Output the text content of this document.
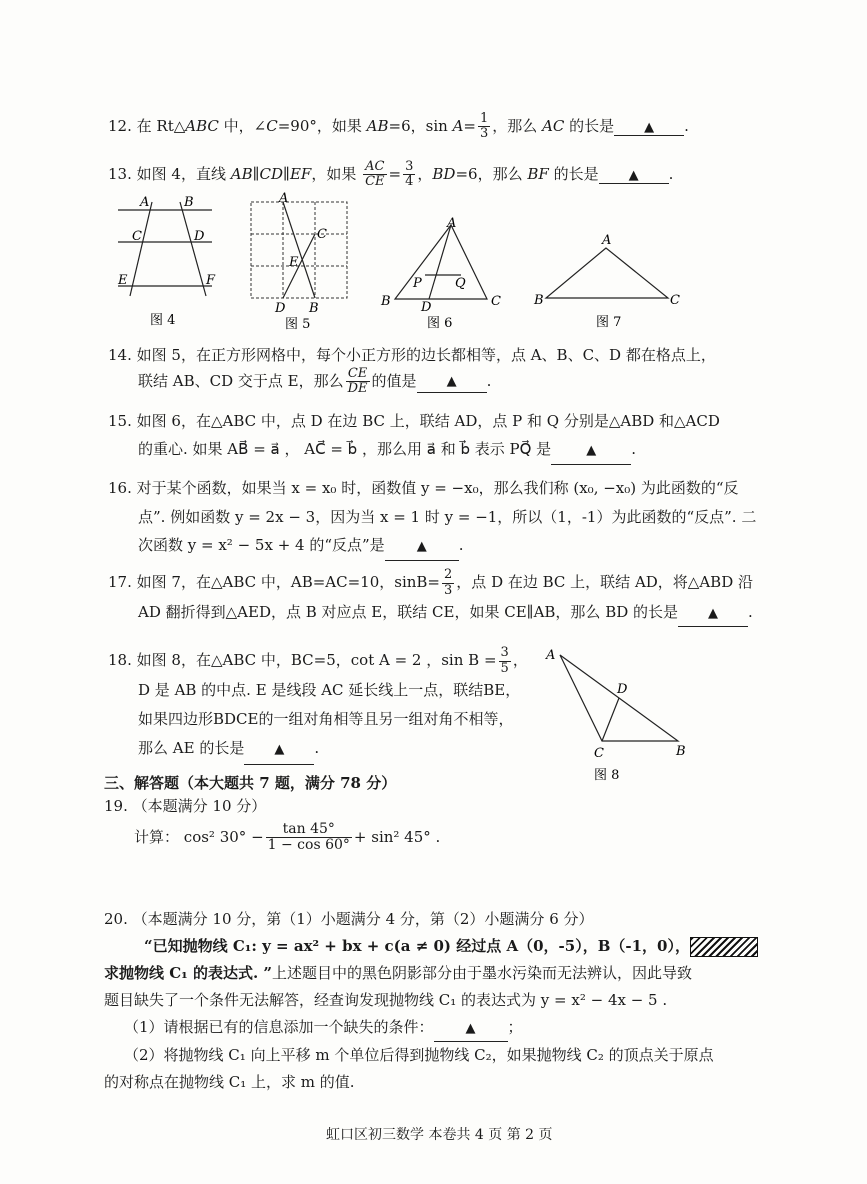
12. 在 Rt△ABC 中，∠C=90°，如果 AB=6，$\sin A= \frac{1}{3}$ ，那么 AC 的长是 ▲ .
13. 如图 4，直线 AB∥CD∥EF，如果 $\frac{AC}{CE} = \frac{3}{4}$ ，BD=6，那么 BF 的长是 ▲ .
A	B
C	D
E	F
图 4
A
C
E
D B
图 5
A
P	Q
B D	C
图 6
A
B	C
图 7
14. 如图 5，在正方形网格中，每个小正方形的边长都相等，点 A、B、C、D 都在格点上，
联结 AB、CD 交于点 E，那么 $\frac{CE}{DE}$ 的值是 ▲ .
15. 如图 6，在△ABC 中，点 D 在边 BC 上，联结 AD，点 P 和 Q 分别是△ABD 和△ACD
的重心. 如果 AB⃗ = a⃗ ， AC⃗ = b⃗ ，那么用 a⃗ 和 b⃗ 表示 PQ⃗ 是	▲ .
16. 对于某个函数，如果当 x = x₀ 时，函数值 y = −x₀，那么我们称 (x₀, −x₀) 为此函数的“反
点”. 例如函数 y = 2x − 3，因为当 x = 1 时 y = −1，所以（1，-1）为此函数的“反点”. 二
次函数 y = x² − 5x + 4 的“反点”是 ▲ .
17. 如图 7，在△ABC 中，AB=AC=10，$\sin B= \frac{2}{3}$ ，点 D 在边 BC 上，联结 AD，将△ABD 沿
AD 翻折得到△AED，点 B 对应点 E，联结 CE，如果 CE∥AB，那么 BD 的长是 ▲ .
18. 如图 8，在△ABC 中，BC=5，cot A = 2 ，$\sin B = \frac{3}{5}$ ，
D 是 AB 的中点. E 是线段 AC 延长线上一点，联结BE，
如果四边形BDCE的一组对角相等且另一组对角不相等，
那么 AE 的长是 ▲ .
A
D
C	B
图 8
三、解答题（本大题共 7 题，满分 78 分）
19. （本题满分 10 分）
计算： cos² $30^\circ - \frac{\tan 45^\circ}{1 - \cos 60^\circ} + \sin^2$ 45° .
20. （本题满分 10 分，第（1）小题满分 4 分，第（2）小题满分 6 分）
“已知抛物线 C₁: y = ax² + bx + c(a ≠ 0) 经过点 A（0，-5），B（-1，0），
求抛物线 C₁ 的表达式. ”上述题目中的黑色阴影部分由于墨水污染而无法辨认，因此导致
题目缺失了一个条件无法解答，经查询发现抛物线 C₁ 的表达式为 y = x² − 4x − 5 .
（1）请根据已有的信息添加一个缺失的条件： ▲ ；
（2）将抛物线 C₁ 向上平移 m 个单位后得到抛物线 C₂，如果抛物线 C₂ 的顶点关于原点
的对称点在抛物线 C₁ 上，求 m 的值.
虹口区初三数学 本卷共 4 页 第 2 页
